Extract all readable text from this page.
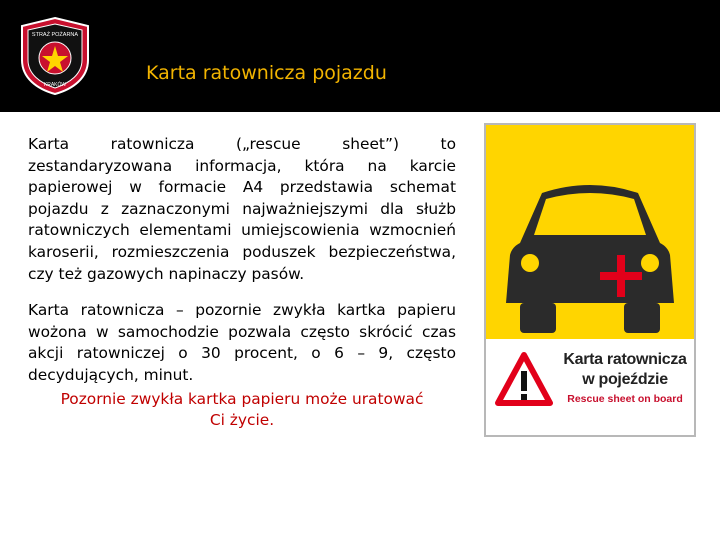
STRAŻ POŻARNA
KRAKÓW
Karta ratownicza pojazdu

Karta ratownicza („rescue sheet”) to zestandaryzowana informacja, która na karcie papierowej w formacie A4 przedstawia schemat pojazdu z zaznaczonymi najważniejszymi dla służb ratowniczych elementami umiejscowienia wzmocnień karoserii, rozmieszczenia poduszek bezpieczeństwa, czy też gazowych napinaczy pasów.

Karta ratownicza – pozornie zwykła kartka papieru wożona w samochodzie pozwala często skrócić czas akcji ratowniczej o 30 procent, o 6 – 9, często decydujących, minut.

Pozornie zwykła kartka papieru może uratować

Ci życie.

Karta ratownicza
w pojeździe
Rescue sheet on board
